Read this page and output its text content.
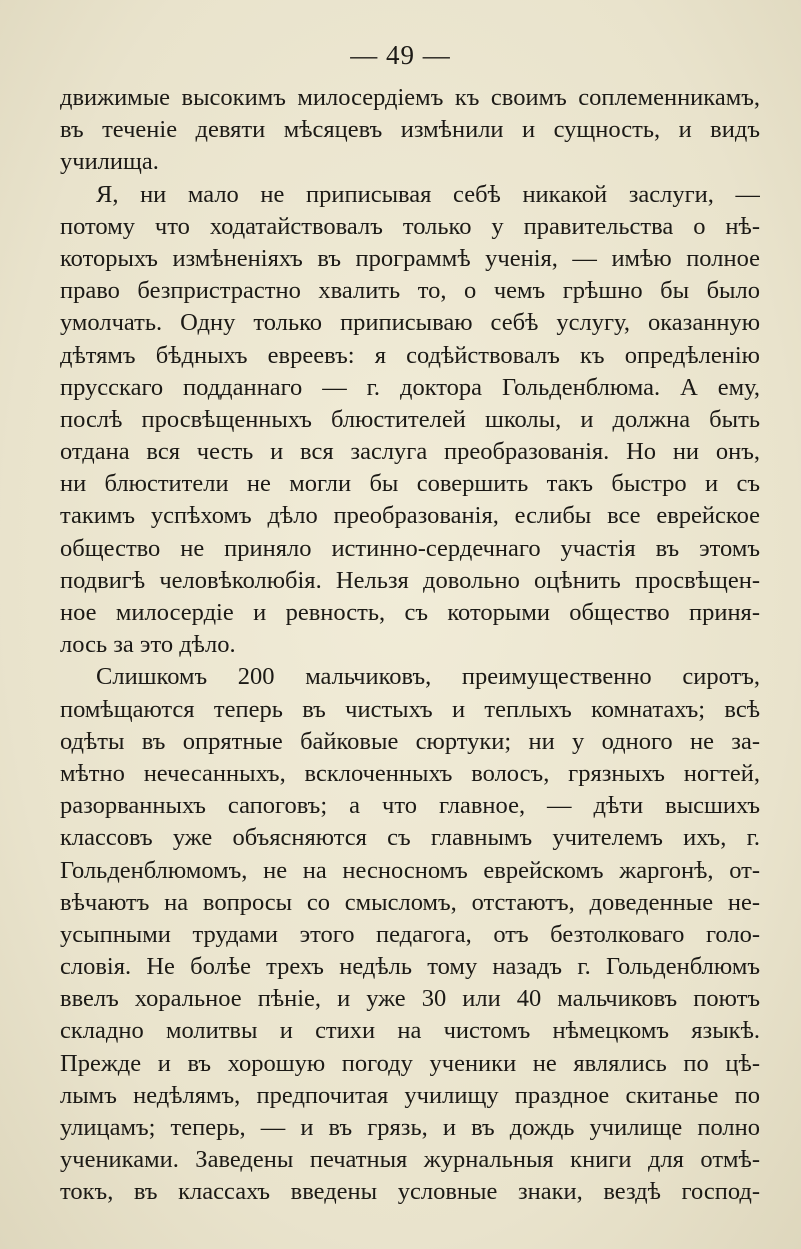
— 49 —
движимые высокимъ милосердіемъ къ своимъ соплеменникамъ,
въ теченіе девяти мѣсяцевъ измѣнили и сущность, и видъ
училища.
Я, ни мало не приписывая себѣ никакой заслуги, —
потому что ходатайствовалъ только у правительства о нѣ-
которыхъ измѣненіяхъ въ программѣ ученія, — имѣю полное
право безпристрастно хвалить то, о чемъ грѣшно бы было
умолчать. Одну только приписываю себѣ услугу, оказанную
дѣтямъ бѣдныхъ евреевъ: я содѣйствовалъ къ опредѣленію
прусскаго подданнаго — г. доктора Гольденблюма. А ему,
послѣ просвѣщенныхъ блюстителей школы, и должна быть
отдана вся честь и вся заслуга преобразованія. Но ни онъ,
ни блюстители не могли бы совершить такъ быстро и съ
такимъ успѣхомъ дѣло преобразованія, еслибы все еврейское
общество не приняло истинно-сердечнаго участія въ этомъ
подвигѣ человѣколюбія. Нельзя довольно оцѣнить просвѣщен-
ное милосердіе и ревность, съ которыми общество приня-
лось за это дѣло.
Слишкомъ 200 мальчиковъ, преимущественно сиротъ,
помѣщаются теперь въ чистыхъ и теплыхъ комнатахъ; всѣ
одѣты въ опрятные байковые сюртуки; ни у одного не за-
мѣтно нечесанныхъ, всклоченныхъ волосъ, грязныхъ ногтей,
разорванныхъ сапоговъ; а что главное, — дѣти высшихъ
классовъ уже объясняются съ главнымъ учителемъ ихъ, г.
Гольденблюмомъ, не на несносномъ еврейскомъ жаргонѣ, от-
вѣчаютъ на вопросы со смысломъ, отстаютъ, доведенные не-
усыпными трудами этого педагога, отъ безтолковаго голо-
словія. Не болѣе трехъ недѣль тому назадъ г. Гольденблюмъ
ввелъ хоральное пѣніе, и уже 30 или 40 мальчиковъ поютъ
складно молитвы и стихи на чистомъ нѣмецкомъ языкѣ.
Прежде и въ хорошую погоду ученики не являлись по цѣ-
лымъ недѣлямъ, предпочитая училищу праздное скитанье по
улицамъ; теперь, — и въ грязь, и въ дождь училище полно
учениками. Заведены печатныя журнальныя книги для отмѣ-
токъ, въ классахъ введены условные знаки, вездѣ господ-
